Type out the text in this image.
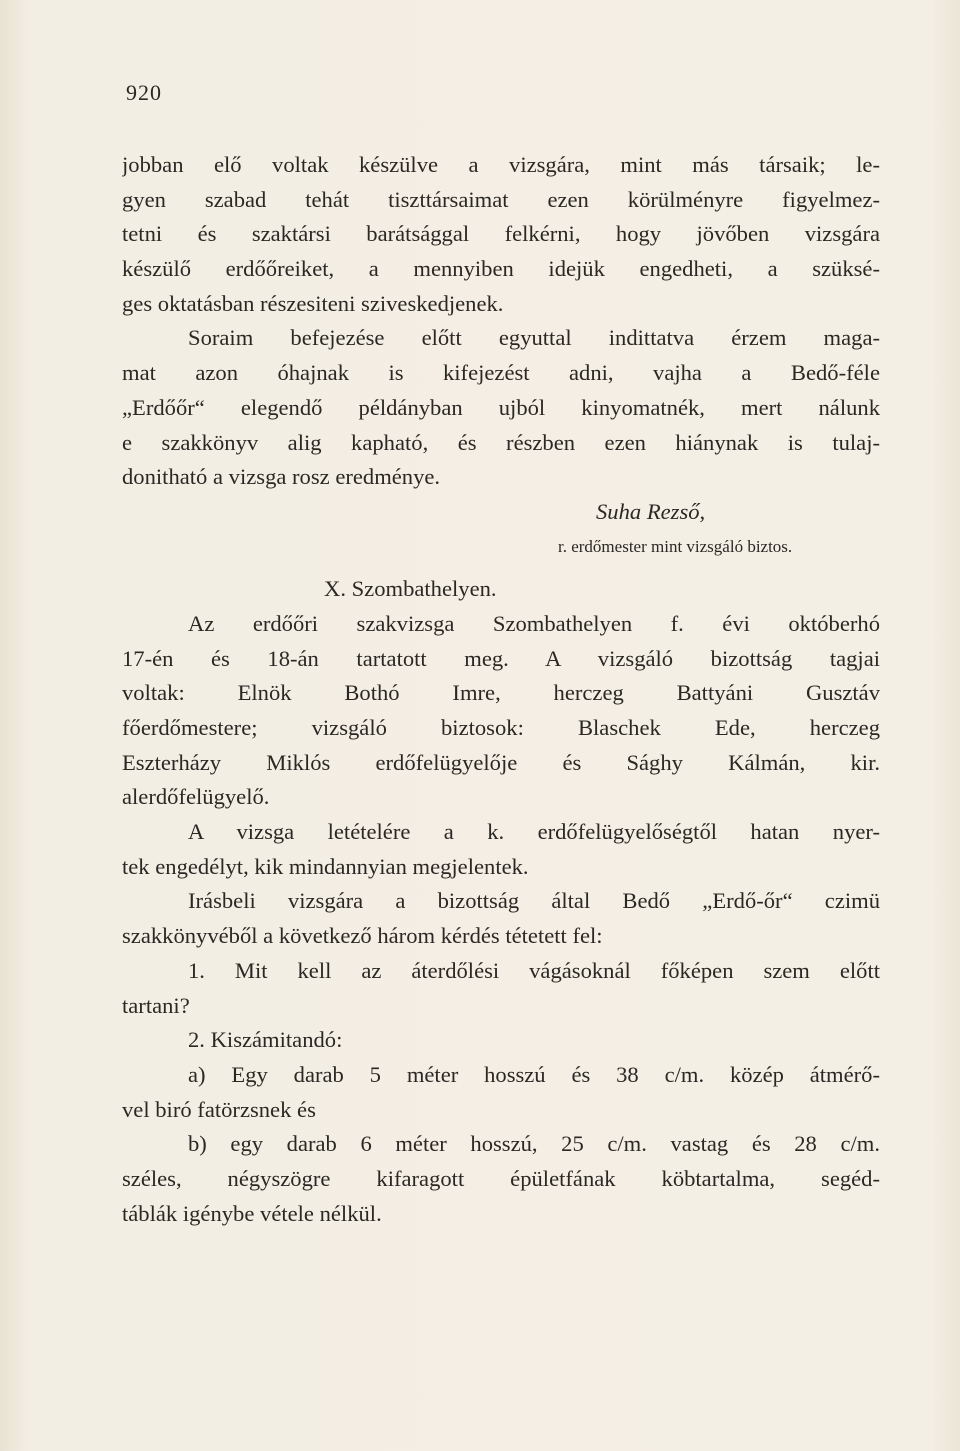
920
jobban elő voltak készülve a vizsgára, mint más társaik; le-
gyen szabad tehát tiszttársaimat ezen körülményre figyelmez-
tetni és szaktársi barátsággal felkérni, hogy jövőben vizsgára
készülő erdőőreiket, a mennyiben idejük engedheti, a szüksé-
ges oktatásban részesiteni sziveskedjenek.
Soraim befejezése előtt egyuttal indittatva érzem maga-
mat azon óhajnak is kifejezést adni, vajha a Bedő-féle
„Erdőőr“ elegendő példányban ujból kinyomatnék, mert nálunk
e szakkönyv alig kapható, és részben ezen hiánynak is tulaj-
donitható a vizsga rosz eredménye.
Suha Rezső,
r. erdőmester mint vizsgáló biztos.
X. Szombathelyen.
Az erdőőri szakvizsga Szombathelyen f. évi októberhó
17-én és 18-án tartatott meg. A vizsgáló bizottság tagjai
voltak: Elnök Bothó Imre, herczeg Battyáni Gusztáv
főerdőmestere; vizsgáló biztosok: Blaschek Ede, herczeg
Eszterházy Miklós erdőfelügyelője és Sághy Kálmán, kir.
alerdőfelügyelő.
A vizsga letételére a k. erdőfelügyelőségtől hatan nyer-
tek engedélyt, kik mindannyian megjelentek.
Irásbeli vizsgára a bizottság által Bedő „Erdő-őr“ czimü
szakkönyvéből a következő három kérdés tétetett fel:
1. Mit kell az áterdőlési vágásoknál főképen szem előtt
tartani?
2. Kiszámitandó:
a) Egy darab 5 méter hosszú és 38 c/m. közép átmérő-
vel biró fatörzsnek és
b) egy darab 6 méter hosszú, 25 c/m. vastag és 28 c/m.
széles, négyszögre kifaragott épületfának köbtartalma, segéd-
táblák igénybe vétele nélkül.
